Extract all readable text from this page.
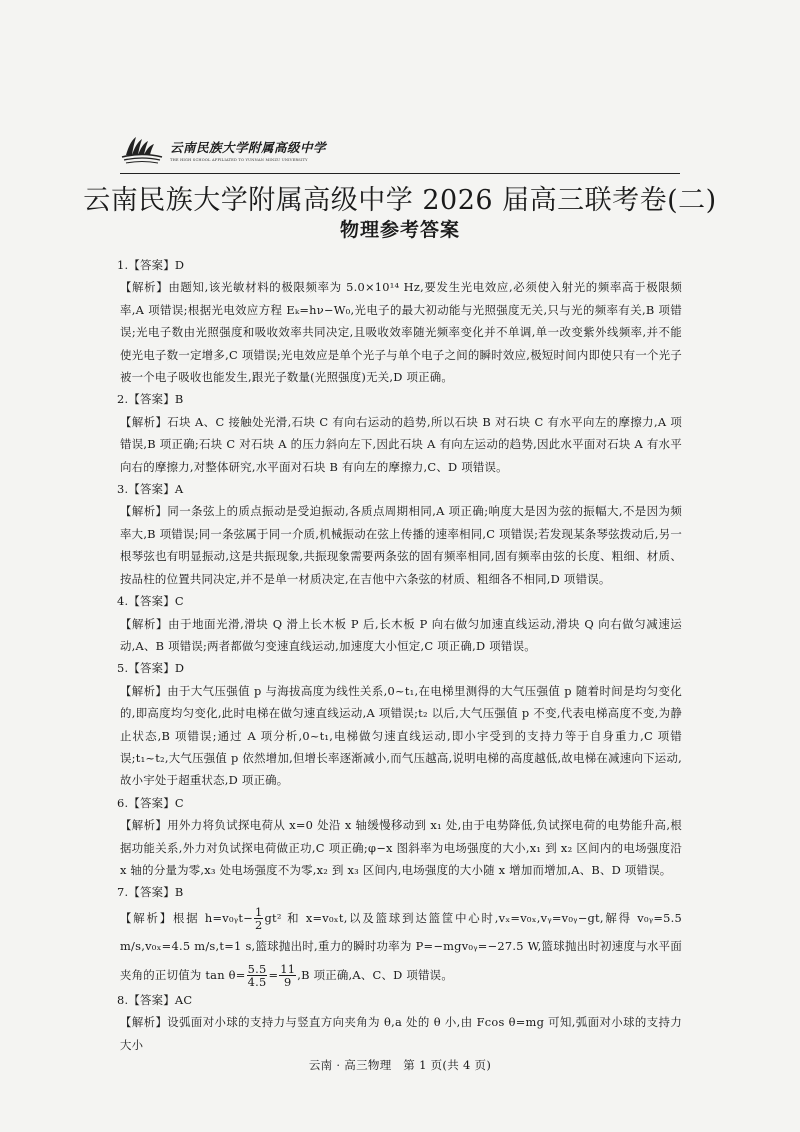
云南民族大学附属高级中学
THE HIGH SCHOOL AFFILIATED TO YUNNAN MINZU UNIVERSITY
云南民族大学附属高级中学 2026 届高三联考卷(二)
物理参考答案
1.【答案】D
【解析】由题知,该光敏材料的极限频率为 5.0×10¹⁴ Hz,要发生光电效应,必须使入射光的频率高于极限频率,A 项错误;根据光电效应方程 Eₖ=hν−W₀,光电子的最大初动能与光照强度无关,只与光的频率有关,B 项错误;光电子数由光照强度和吸收效率共同决定,且吸收效率随光频率变化并不单调,单一改变紫外线频率,并不能使光电子数一定增多,C 项错误;光电效应是单个光子与单个电子之间的瞬时效应,极短时间内即使只有一个光子被一个电子吸收也能发生,跟光子数量(光照强度)无关,D 项正确。
2.【答案】B
【解析】石块 A、C 接触处光滑,石块 C 有向右运动的趋势,所以石块 B 对石块 C 有水平向左的摩擦力,A 项错误,B 项正确;石块 C 对石块 A 的压力斜向左下,因此石块 A 有向左运动的趋势,因此水平面对石块 A 有水平向右的摩擦力,对整体研究,水平面对石块 B 有向左的摩擦力,C、D 项错误。
3.【答案】A
【解析】同一条弦上的质点振动是受迫振动,各质点周期相同,A 项正确;响度大是因为弦的振幅大,不是因为频率大,B 项错误;同一条弦属于同一介质,机械振动在弦上传播的速率相同,C 项错误;若发现某条琴弦拨动后,另一根琴弦也有明显振动,这是共振现象,共振现象需要两条弦的固有频率相同,固有频率由弦的长度、粗细、材质、按品柱的位置共同决定,并不是单一材质决定,在吉他中六条弦的材质、粗细各不相同,D 项错误。
4.【答案】C
【解析】由于地面光滑,滑块 Q 滑上长木板 P 后,长木板 P 向右做匀加速直线运动,滑块 Q 向右做匀减速运动,A、B 项错误;两者都做匀变速直线运动,加速度大小恒定,C 项正确,D 项错误。
5.【答案】D
【解析】由于大气压强值 p 与海拔高度为线性关系,0~t₁,在电梯里测得的大气压强值 p 随着时间是均匀变化的,即高度均匀变化,此时电梯在做匀速直线运动,A 项错误;t₂ 以后,大气压强值 p 不变,代表电梯高度不变,为静止状态,B 项错误;通过 A 项分析,0~t₁,电梯做匀速直线运动,即小宇受到的支持力等于自身重力,C 项错误;t₁~t₂,大气压强值 p 依然增加,但增长率逐渐减小,而气压越高,说明电梯的高度越低,故电梯在减速向下运动,故小宇处于超重状态,D 项正确。
6.【答案】C
【解析】用外力将负试探电荷从 x=0 处沿 x 轴缓慢移动到 x₁ 处,由于电势降低,负试探电荷的电势能升高,根据功能关系,外力对负试探电荷做正功,C 项正确;φ−x 图斜率为电场强度的大小,x₁ 到 x₂ 区间内的电场强度沿 x 轴的分量为零,x₃ 处电场强度不为零,x₂ 到 x₃ 区间内,电场强度的大小随 x 增加而增加,A、B、D 项错误。
7.【答案】B
【解析】根据 h=v₀ᵧt− $\frac{1}{2} gt^2$ 和 x=v₀ₓt,以及篮球到达篮筐中心时,vₓ=v₀ₓ,vᵧ=v₀ᵧ−gt,解得 v₀ᵧ=5.5 m/s,v₀ₓ=4.5 m/s,t=1 s,篮球抛出时,重力的瞬时功率为 P=−mgv₀ᵧ=−27.5 W,篮球抛出时初速度与水平面夹角的正切值为 $\tan \theta= \frac{5.5}{4.5} = \frac{11}{9} ,B$ 项正确,A、C、D 项错误。
8.【答案】AC
【解析】设弧面对小球的支持力与竖直方向夹角为 θ,a 处的 θ 小,由 Fcos θ=mg 可知,弧面对小球的支持力大小
云南 · 高三物理　第 1 页(共 4 页)
